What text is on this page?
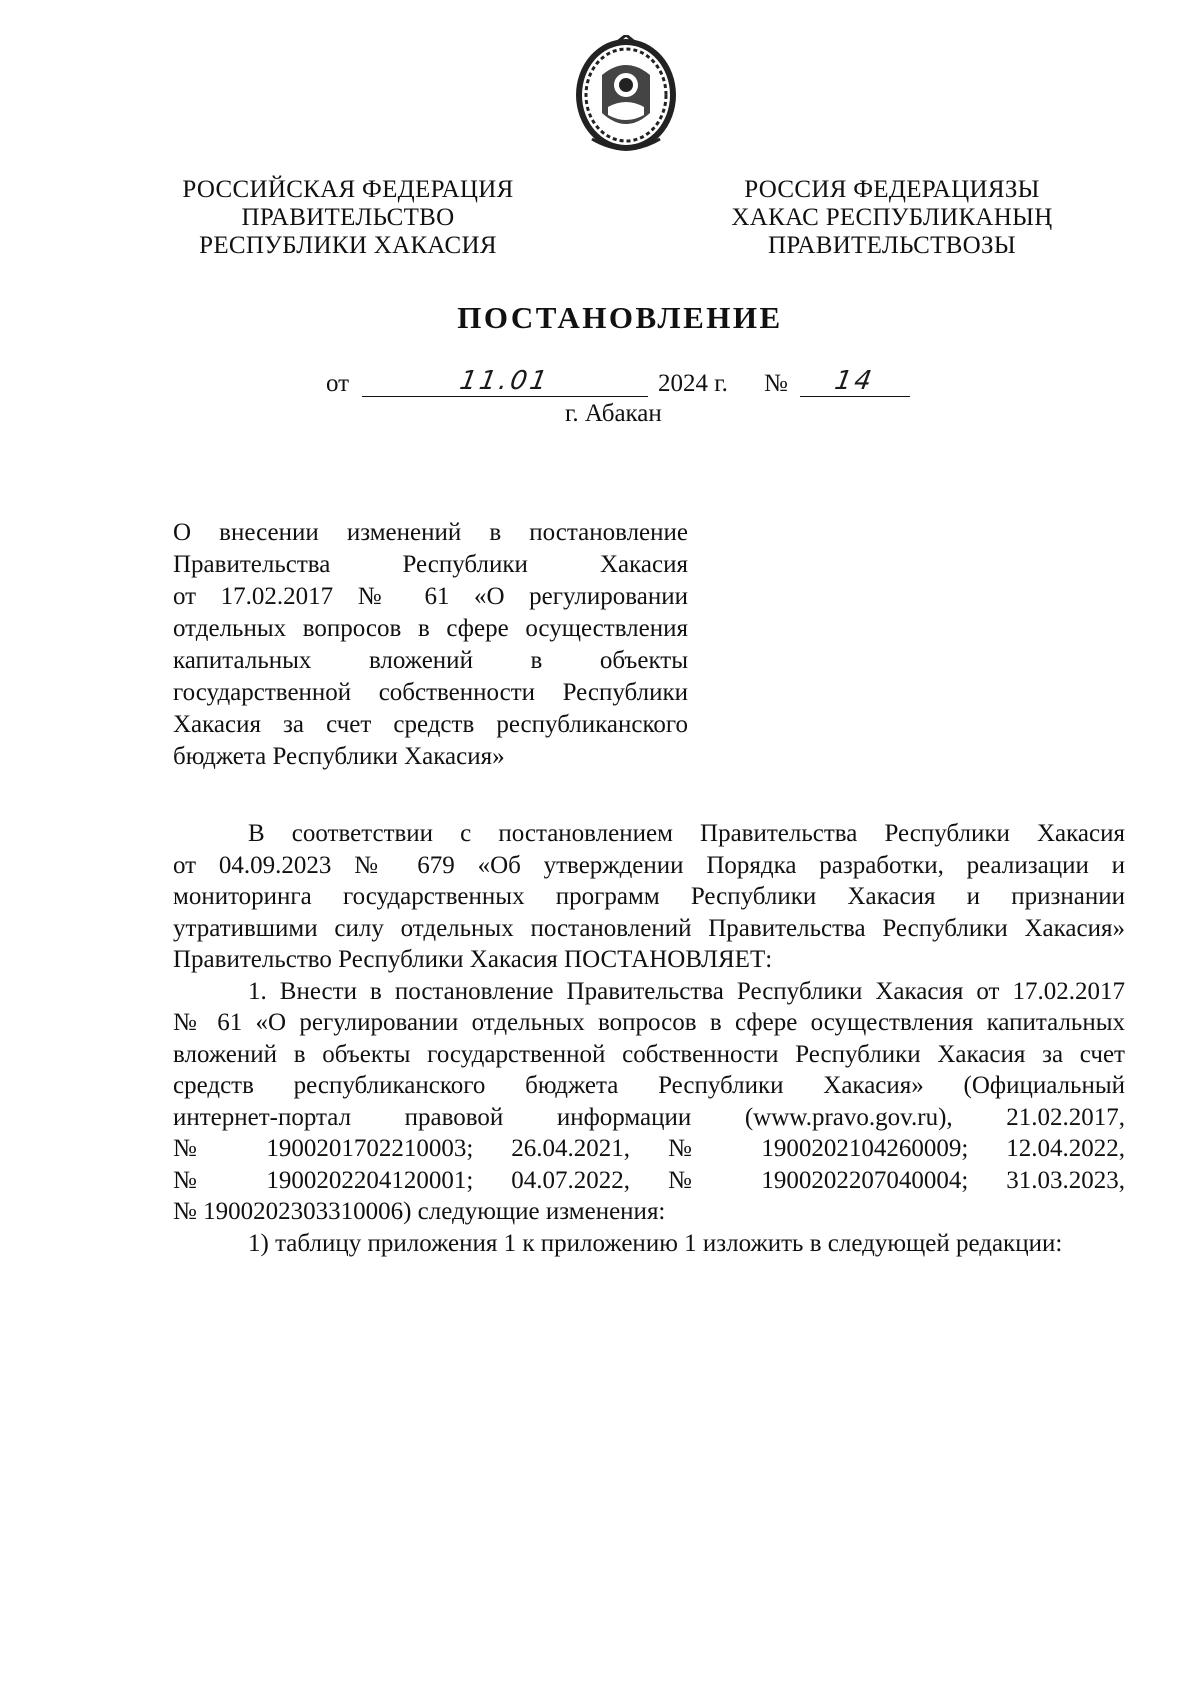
РОССИЙСКАЯ ФЕДЕРАЦИЯ
ПРАВИТЕЛЬСТВО
РЕСПУБЛИКИ ХАКАСИЯ
РОССИЯ ФЕДЕРАЦИЯЗЫ
ХАКАС РЕСПУБЛИКАНЫҢ
ПРАВИТЕЛЬСТВОЗЫ
ПОСТАНОВЛЕНИЕ
от	11.01	2024 г. №	14
г. Абакан
О внесении изменений в постановление
Правительства Республики Хакасия
от 17.02.2017 № 61 «О регулировании
отдельных вопросов в сфере осуществления
капитальных вложений в объекты
государственной собственности Республики
Хакасия за счет средств республиканского
бюджета Республики Хакасия»
В соответствии с постановлением Правительства Республики Хакасия
от 04.09.2023 № 679 «Об утверждении Порядка разработки, реализации и
мониторинга государственных программ Республики Хакасия и признании
утратившими силу отдельных постановлений Правительства Республики Хакасия»
Правительство Республики Хакасия ПОСТАНОВЛЯЕТ:
1. Внести в постановление Правительства Республики Хакасия от 17.02.2017
№ 61 «О регулировании отдельных вопросов в сфере осуществления капитальных
вложений в объекты государственной собственности Республики Хакасия за счет
средств республиканского бюджета Республики Хакасия» (Официальный
интернет-портал правовой информации (www.pravo.gov.ru), 21.02.2017,
№ 1900201702210003; 26.04.2021, № 1900202104260009; 12.04.2022,
№ 1900202204120001; 04.07.2022, № 1900202207040004; 31.03.2023,
№ 1900202303310006) следующие изменения:
1) таблицу приложения 1 к приложению 1 изложить в следующей редакции:
